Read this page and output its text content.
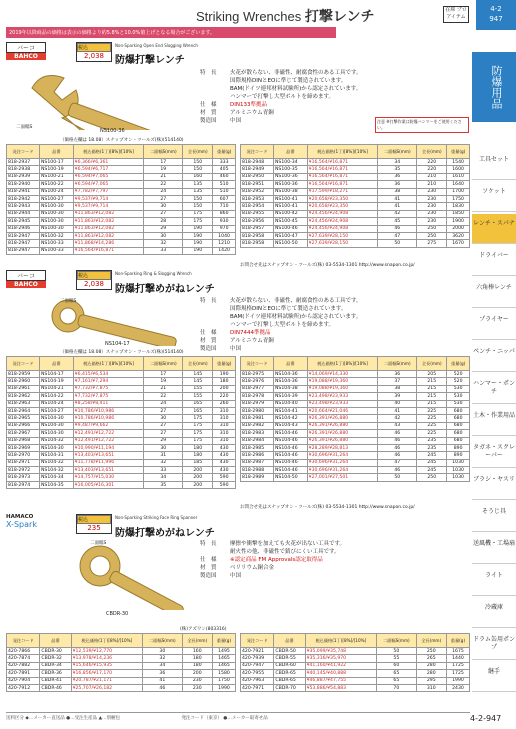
Striking Wrenches 打撃レンチ	在庫 ブロ アイテム
4-2
947
防爆用品
工具セット
ソケット
レンチ・スパナ
ドライバー
六角棒レンチ
プライヤー
ペンチ・ニッパ
ハンマー・ポンチ
土木・作業用品
タガネ・スクレーパー
ブラシ・ヤスリ
そうじ具
送風機・工場扇
ライト
冷蔵庫
ドラム缶用ポンプ
継手
2019年以降商品の価格は表示の価格より約5.8%と10.0%値上げとなる場合がございます。
バーコ
BAHCO
税込
2,038
Non-Sparking Open End Slogging Wrench
防爆打撃レンチ
二面幅S
NS100-36
特　長
仕　様
材　質
製造国
火花が散らない、非磁性、耐腐食性のある工具です。
国際規格DINとEOに準じて製造されています。
BAM(ドイツ連邦材料試験所)から認定されています。
ハンマーで打撃し大型ボルトを締めます。
DIN133準拠品
アルミニウム青銅
中国	注意 ※打撃作業は防爆ハンマーをご使用ください。
（価格左欄は 18.08）スナップオン・ツールズ(株)(514140)
発注コード	品番	税込価格(1丁)[8%]/[10%]	二面幅S(mm)	全長(mm)	重量(g)
818-2937	NS100-17	¥6,366/¥6,361	17	150	333
818-2938	NS100-19	¥6,594/¥6,717	19	150	405
818-2939	NS100-21	¥6,594/¥7,065	21	160	460
818-2940	NS100-22	¥6,594/¥7,065	22	135	510
818-2941	NS100-24	¥7,782/¥7,797	24	135	510
818-2942	NS100-27	¥9,537/¥9,714	27	150	607
818-2943	NS100-30	¥9,537/¥9,714	30	150	710
818-2944	NS100-30	¥11,863/¥12,082	27	175	860
818-2945	NS100-30	¥11,863/¥12,082	28	175	930
818-2946	NS100-30	¥11,863/¥12,082	29	190	970
818-2947	NS100-32	¥11,863/¥12,082	30	190	1040
818-2947	NS100-33	¥11,868/¥14,286	32	190	1210
818-2947	NS100-33	¥16,564/¥16,871	33	190	1420
発注コード	品番	税込価格(1丁)[8%]/[10%]	二面幅S(mm)	全長(mm)	重量(g)
818-2948	NS100-34	¥16,564/¥16,871	34	220	1540
818-2949	NS100-35	¥16,564/¥16,871	35	220	1600
818-2950	NS100-36	¥16,564/¥16,871	36	210	1610
818-2951	NS100-36	¥16,564/¥16,871	36	210	1640
818-2952	NS100-38	¥17,599/¥18,271	38	230	1700
818-2953	NS100-41	¥20,658/¥23,350	41	230	1750
818-2954	NS100-41	¥20,658/¥23,350	41	230	1830
818-2955	NS100-42	¥24,456/¥24,908	42	230	1850
818-2956	NS100-45	¥24,456/¥24,908	45	230	1900
818-2957	NS100-46	¥24,456/¥24,908	46	250	2000
818-2958	NS100-47	¥27,639/¥28,150	47	250	3620
818-2958	NS100-50	¥27,639/¥28,150	50	275	1670
お問合せ先はスナップオン・ツールズ(株) 03-5534-1301 http://www.snapon.co.jp/
バーコ
BAHCO
税込
2,038
Non-Sparking Ring & Slogging Wrench
防爆打撃めがねレンチ
二面幅S
NS104-17
特　長
仕　様
材　質
製造国
火花が散らない、非磁性、耐腐食性のある工具です。
国際規格DINとEOに準じて製造されています。
BAM(ドイツ連邦材料試験所)から認定されています。
ハンマーで打撃し大型ボルトを締めます。
DIN7444準拠品
アルミニウム青銅
中国
（価格左欄は 18.08）スナップオン・ツールズ(株)(514140)
発注コード	品番	税込価格(1丁)[8%]/[10%]	二面幅S(mm)	全長(mm)	重量(g)
818-2959	NS104-17	¥6,415/¥6,534	17	145	190
818-2960	NS104-19	¥7,161/¥7,294	19	145	180
818-2961	NS104-21	¥7,732/¥7,875	21	155	200
818-2962	NS104-22	¥7,732/¥7,875	22	155	220
818-2963	NS104-24	¥8,258/¥8,411	24	165	260
818-2964	NS104-27	¥10,786/¥10,986	27	165	310
818-2965	NS104-30	¥10,786/¥10,986	30	175	310
818-2966	NS104-30	¥9,487/¥9,662	27	175	310
818-2967	NS104-30	¥12,491/¥12,722	27	175	310
818-2968	NS104-32	¥12,491/¥12,722	29	175	310
818-2969	NS104-30	¥10,990/¥11,194	30	180	430
818-2970	NS104-31	¥13,403/¥13,651	31	180	430
818-2971	NS104-32	¥11,778/¥11,996	32	185	430
818-2972	NS104-32	¥13,403/¥13,651	33	200	430
818-2973	NS104-34	¥14,757/¥15,030	34	200	590
818-2974	NS104-35	¥16,005/¥16,301	35	200	590
発注コード	品番	税込価格(1丁)[8%]/[10%]	二面幅S(mm)	全長(mm)	重量(g)
818-2975	NS104-36	¥14,069/¥14,330	36	205	520
818-2976	NS104-36	¥19,088/¥19,360	37	215	520
818-2977	NS104-38	¥19,088/¥19,360	38	215	530
818-2978	NS104-39	¥23,498/¥23,933	39	215	530
818-2979	NS104-40	¥23,498/¥23,933	40	215	530
818-2980	NS104-41	¥20,664/¥21,046	41	225	680
818-2981	NS104-42	¥26,391/¥26,880	42	225	680
818-2982	NS104-43	¥26,391/¥26,880	43	225	680
818-2983	NS104-46	¥26,391/¥26,880	46	225	680
818-2984	NS104-46	¥26,391/¥26,880	46	235	680
818-2985	NS104-46	¥28,289/¥28,813	46	235	890
818-2986	NS104-46	¥30,696/¥31,264	46	245	890
818-2987	NS104-46	¥30,696/¥31,264	47	245	1030
818-2988	NS104-46	¥30,696/¥31,264	46	245	1030
818-2989	NS104-50	¥27,001/¥27,501	50	250	1030
お問合せ先はスナップオン・ツールズ(株) 03-5534-1301 http://www.snapon.co.jp/
HAMACO
X-Spark	税込
235
Non-Sparking Striking Face Ring Spanner
防爆打撃めがねレンチ
二面幅S
CBDR-30
特　長
仕　様
材　質
製造国
摩擦や衝撃を加えても火花が出ない工具です。
耐火性の他、非磁性で錆びにくい工具です。
※認定商品 FM Approvals認定取得品
ベリリウム銅合金
中国
(株)アズワン(803316)
発注コード	品番	税込価格(1丁)[8%]/[10%]	二面幅S(mm)	全長(mm)	重量(g)
420-7866	CBDR-30	¥12,539/¥12,770	30	160	1495
420-7874	CBDR-32	¥13,978/¥14,236	32	180	1465
420-7882	CBDR-34	¥15,646/¥15,935	34	180	1465
420-7891	CBDR-36	¥16,856/¥17,170	36	200	1580
420-7904	CBDR-41	¥20,787/¥21,171	41	230	1750
420-7912	CBDR-46	¥25,707/¥26,182	46	230	1990
発注コード	品番	税込価格(1丁)[8%]/[10%]	二面幅S(mm)	全長(mm)	重量(g)
420-7921	CBDR-50	¥35,099/¥35,748	50	250	1675
420-7939	CBDR-55	¥35,316/¥35,970	55	265	1440
420-7947	CBDR-60	¥41,160/¥41,922	60	280	1725
420-7955	CBDR-65	¥40,145/¥40,888	65	280	1725
420-7963	CBDR-65	¥46,887/¥47,755	65	295	1990
420-7971	CBDR-70	¥53,886/¥54,883	70	310	2430
送料区分 ◆…メーカー直送品 ●…受注生産品 ▲…別梱包	発注コード（東京） ●…メーカー取寄せ品	4-2-947
